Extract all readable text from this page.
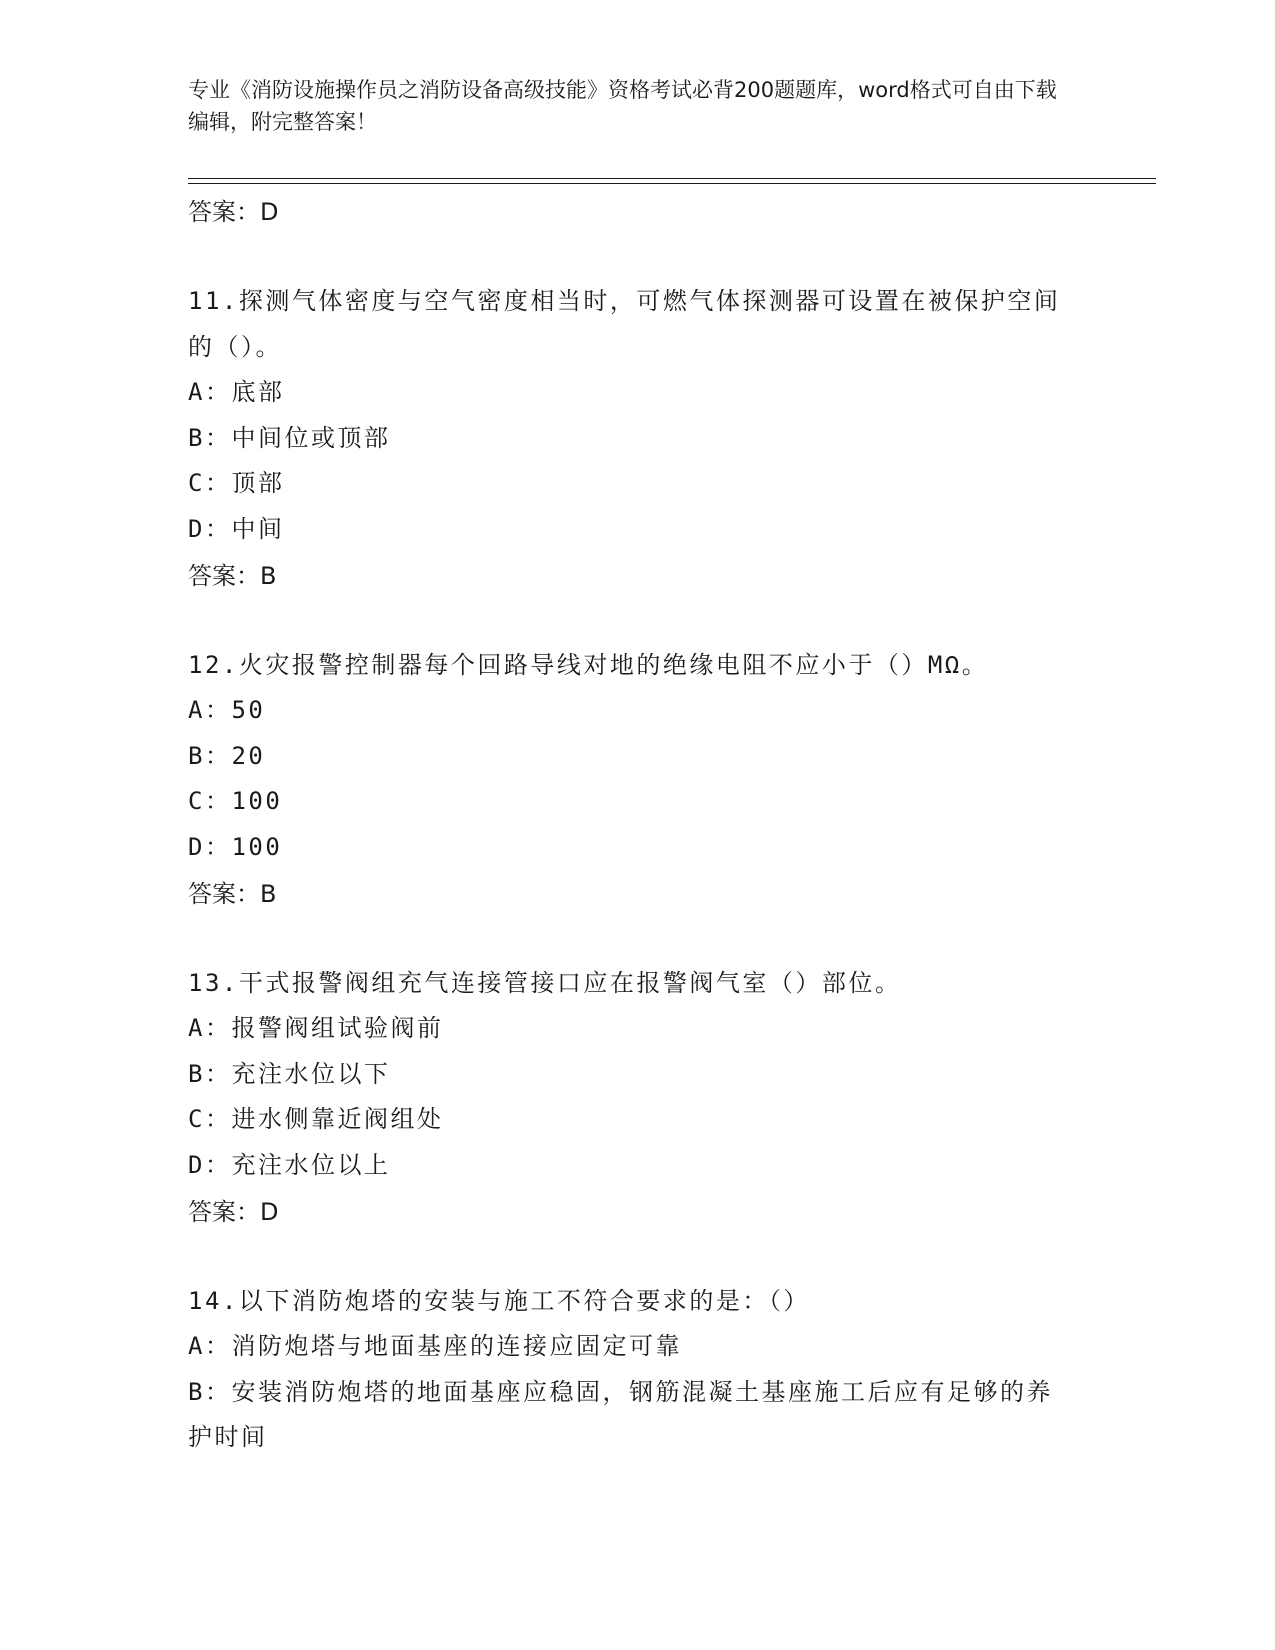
专业《消防设施操作员之消防设备高级技能》资格考试必背200题题库，word格式可自由下载编辑，附完整答案！

答案：D

11.探测气体密度与空气密度相当时，可燃气体探测器可设置在被保护空间的（）。

A：底部

B：中间位或顶部

C：顶部

D：中间

答案：B

12.火灾报警控制器每个回路导线对地的绝缘电阻不应小于（）MΩ。

A：50

B：20

C：100

D：100

答案：B

13.干式报警阀组充气连接管接口应在报警阀气室（）部位。

A：报警阀组试验阀前

B：充注水位以下

C：进水侧靠近阀组处

D：充注水位以上

答案：D

14.以下消防炮塔的安装与施工不符合要求的是：（）

A：消防炮塔与地面基座的连接应固定可靠

B：安装消防炮塔的地面基座应稳固，钢筋混凝土基座施工后应有足够的养护时间
